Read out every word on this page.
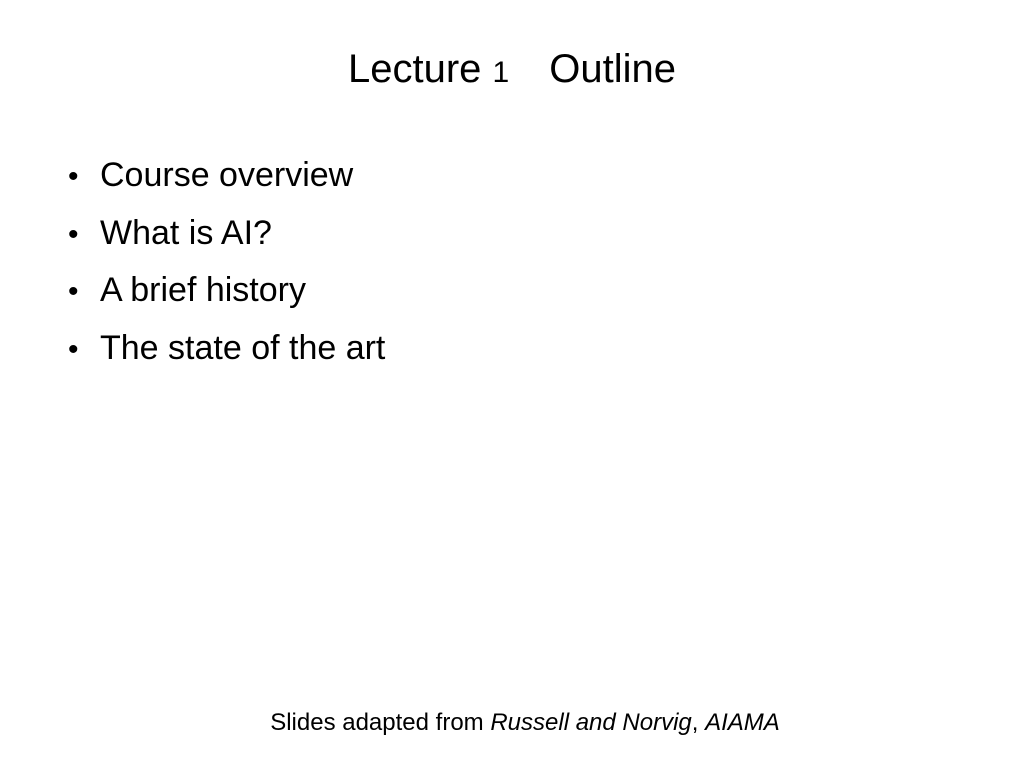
Lecture 1 Outline
• Course overview
• What is AI?
• A brief history
• The state of the art
Slides adapted from Russell and Norvig, AIAMA
